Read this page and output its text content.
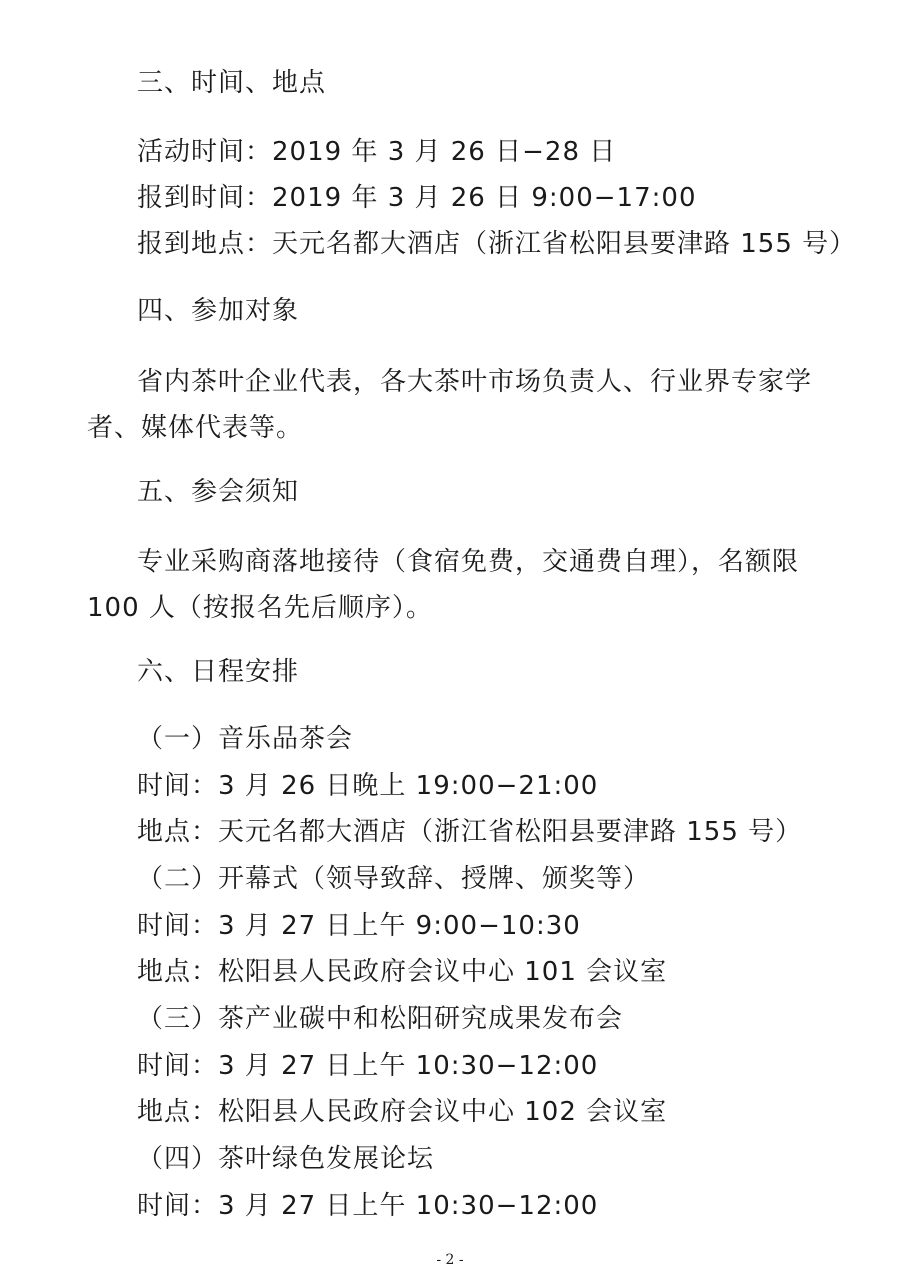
三、时间、地点
活动时间：2019 年 3 月 26 日−28 日
报到时间：2019 年 3 月 26 日 9:00−17:00
报到地点：天元名都大酒店（浙江省松阳县要津路 155 号）
四、参加对象

省内茶叶企业代表，各大茶叶市场负责人、行业界专家学者、媒体代表等。

五、参会须知

专业采购商落地接待（食宿免费，交通费自理），名额限 100 人（按报名先后顺序）。

六、日程安排
（一）音乐品茶会
时间：3 月 26 日晚上 19:00−21:00
地点：天元名都大酒店（浙江省松阳县要津路 155 号）
（二）开幕式（领导致辞、授牌、颁奖等）
时间：3 月 27 日上午 9:00−10:30
地点：松阳县人民政府会议中心 101 会议室
（三）茶产业碳中和松阳研究成果发布会
时间：3 月 27 日上午 10:30−12:00
地点：松阳县人民政府会议中心 102 会议室
（四）茶叶绿色发展论坛
时间：3 月 27 日上午 10:30−12:00
- 2 -
